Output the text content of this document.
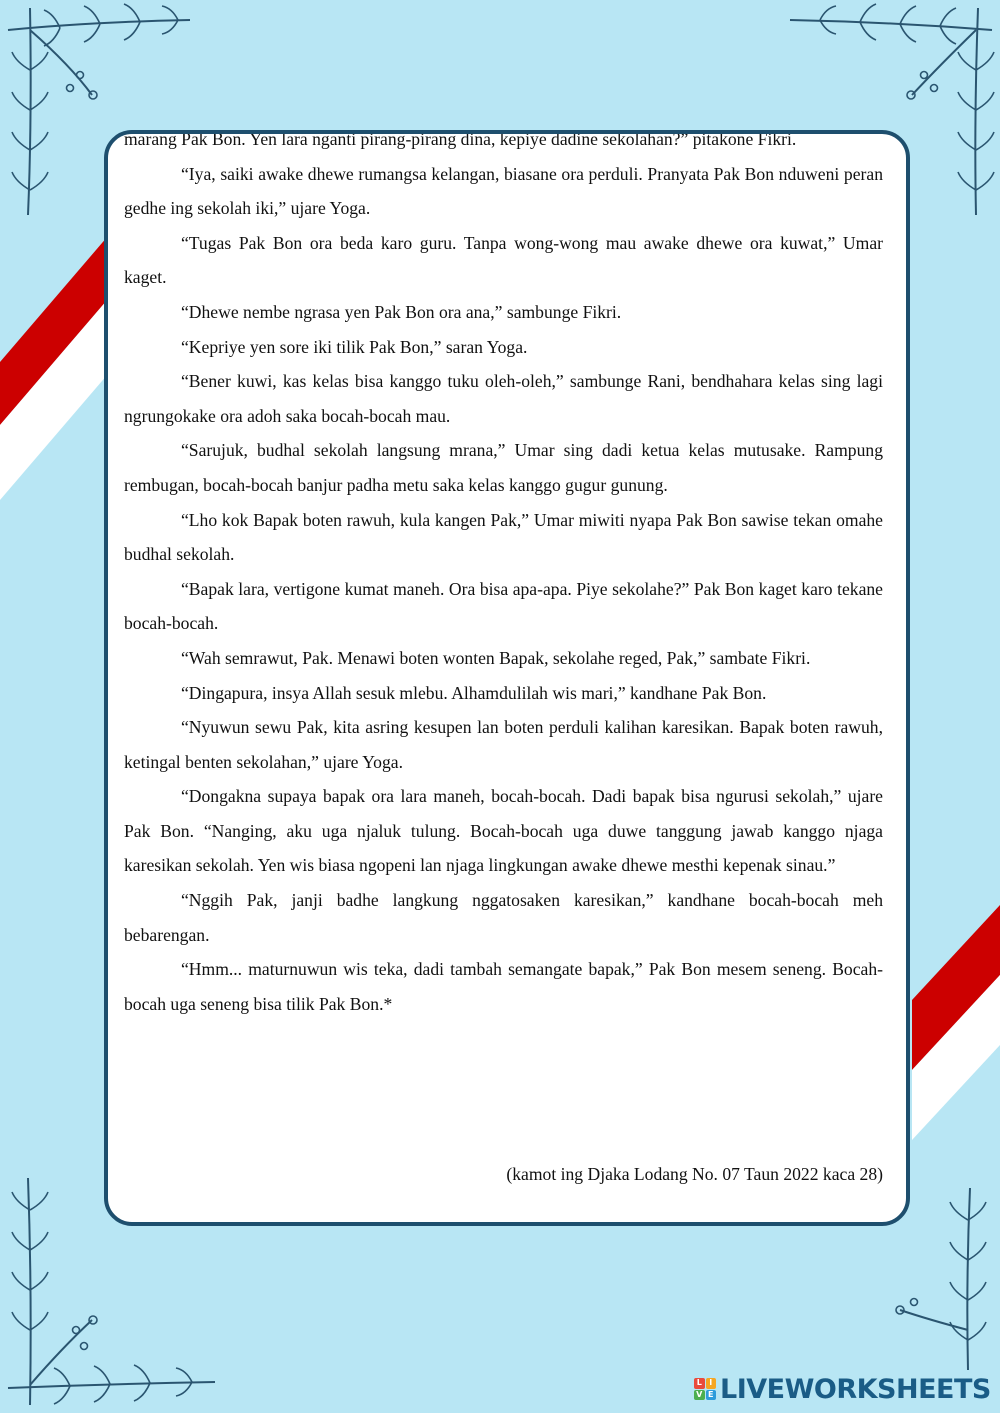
marang Pak Bon. Yen lara nganti pirang-pirang dina, kepiye dadine sekolahan?” pitakone Fikri.

“Iya, saiki awake dhewe rumangsa kelangan, biasane ora perduli. Pranyata Pak Bon nduweni peran gedhe ing sekolah iki,” ujare Yoga.

“Tugas Pak Bon ora beda karo guru. Tanpa wong-wong mau awake dhewe ora kuwat,” Umar kaget.

“Dhewe nembe ngrasa yen Pak Bon ora ana,” sambunge Fikri.

“Kepriye yen sore iki tilik Pak Bon,” saran Yoga.

“Bener kuwi, kas kelas bisa kanggo tuku oleh-oleh,” sambunge Rani, bendhahara kelas sing lagi ngrungokake ora adoh saka bocah-bocah mau.

“Sarujuk, budhal sekolah langsung mrana,” Umar sing dadi ketua kelas mutusake. Rampung rembugan, bocah-bocah banjur padha metu saka kelas kanggo gugur gunung.

“Lho kok Bapak boten rawuh, kula kangen Pak,” Umar miwiti nyapa Pak Bon sawise tekan omahe budhal sekolah.

“Bapak lara, vertigone kumat maneh. Ora bisa apa-apa. Piye sekolahe?” Pak Bon kaget karo tekane bocah-bocah.

“Wah semrawut, Pak. Menawi boten wonten Bapak, sekolahe reged, Pak,” sambate Fikri.

“Dingapura, insya Allah sesuk mlebu. Alhamdulilah wis mari,” kandhane Pak Bon.

“Nyuwun sewu Pak, kita asring kesupen lan boten perduli kalihan karesikan. Bapak boten rawuh, ketingal benten sekolahan,” ujare Yoga.

“Dongakna supaya bapak ora lara maneh, bocah-bocah. Dadi bapak bisa ngurusi sekolah,” ujare Pak Bon. “Nanging, aku uga njaluk tulung. Bocah-bocah uga duwe tanggung jawab kanggo njaga karesikan sekolah. Yen wis biasa ngopeni lan njaga lingkungan awake dhewe mesthi kepenak sinau.”

“Nggih Pak, janji badhe langkung nggatosaken karesikan,” kandhane bocah-bocah meh bebarengan.

“Hmm... maturnuwun wis teka, dadi tambah semangate bapak,” Pak Bon mesem seneng. Bocah-bocah uga seneng bisa tilik Pak Bon.*

(kamot ing Djaka Lodang No. 07 Taun 2022 kaca 28)
L I
V E LIVEWORKSHEETS
